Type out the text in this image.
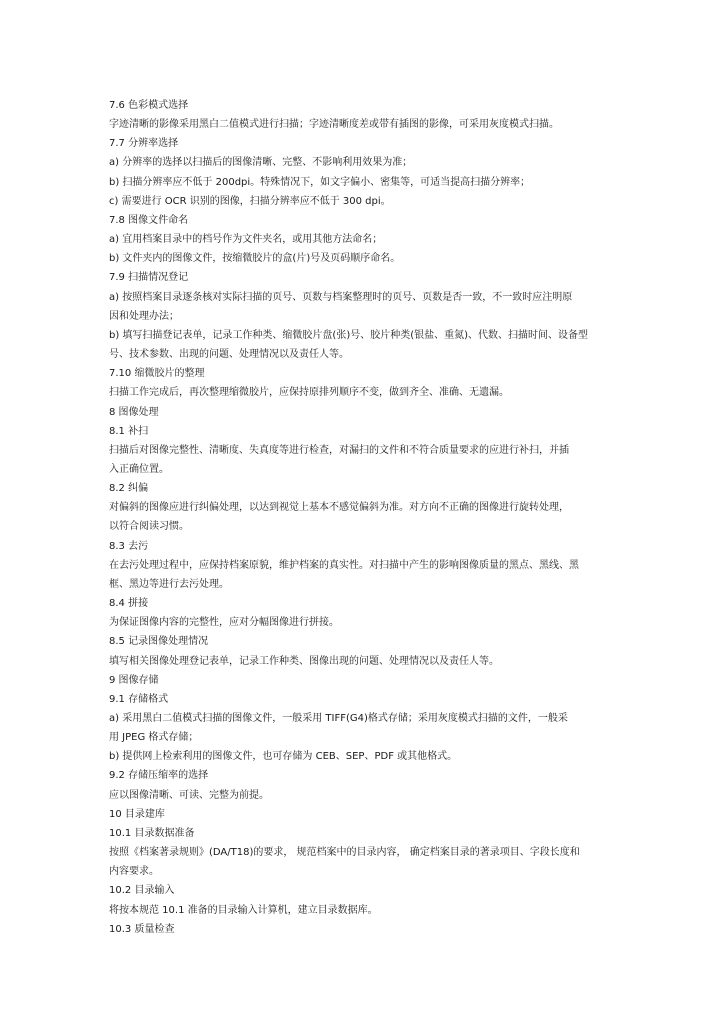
7.6 色彩模式选择
字迹清晰的影像采用黑白二值模式进行扫描；字迹清晰度差或带有插图的影像，可采用灰度模式扫描。
7.7 分辨率选择
a) 分辨率的选择以扫描后的图像清晰、完整、不影响利用效果为准；
b) 扫描分辨率应不低于 200dpi。特殊情况下，如文字偏小、密集等，可适当提高扫描分辨率；
c) 需要进行 OCR 识别的图像，扫描分辨率应不低于 300 dpi。
7.8 图像文件命名
a) 宜用档案目录中的档号作为文件夹名，或用其他方法命名；
b) 文件夹内的图像文件，按缩微胶片的盒(片)号及页码顺序命名。
7.9 扫描情况登记
a) 按照档案目录逐条核对实际扫描的页号、页数与档案整理时的页号、页数是否一致，不一致时应注明原
因和处理办法；
b) 填写扫描登记表单，记录工作种类、缩微胶片盘(张)号、胶片种类(银盐、重氮)、代数、扫描时间、设备型
号、技术参数、出现的问题、处理情况以及责任人等。
7.10 缩微胶片的整理
扫描工作完成后，再次整理缩微胶片，应保持原排列顺序不变，做到齐全、准确、无遗漏。
8 图像处理
8.1 补扫
扫描后对图像完整性、清晰度、失真度等进行检查，对漏扫的文件和不符合质量要求的应进行补扫，并插
入正确位置。
8.2 纠偏
对偏斜的图像应进行纠偏处理，以达到视觉上基本不感觉偏斜为准。对方向不正确的图像进行旋转处理，
以符合阅读习惯。
8.3 去污
在去污处理过程中，应保持档案原貌，维护档案的真实性。对扫描中产生的影响图像质量的黑点、黑线、黑
框、黑边等进行去污处理。
8.4 拼接
为保证图像内容的完整性，应对分幅图像进行拼接。
8.5 记录图像处理情况
填写相关图像处理登记表单，记录工作种类、图像出现的问题、处理情况以及责任人等。
9 图像存储
9.1 存储格式
a) 采用黑白二值模式扫描的图像文件，一般采用 TIFF(G4)格式存储；采用灰度模式扫描的文件，一般采
用 JPEG 格式存储；
b) 提供网上检索利用的图像文件，也可存储为 CEB、SEP、PDF 或其他格式。
9.2 存储压缩率的选择
应以图像清晰、可读、完整为前提。
10 目录建库
10.1 目录数据准备
按照《档案著录规则》(DA/T18)的要求， 规范档案中的目录内容， 确定档案目录的著录项目、字段长度和
内容要求。
10.2 目录输入
将按本规范 10.1 准备的目录输入计算机，建立目录数据库。
10.3 质量检查
